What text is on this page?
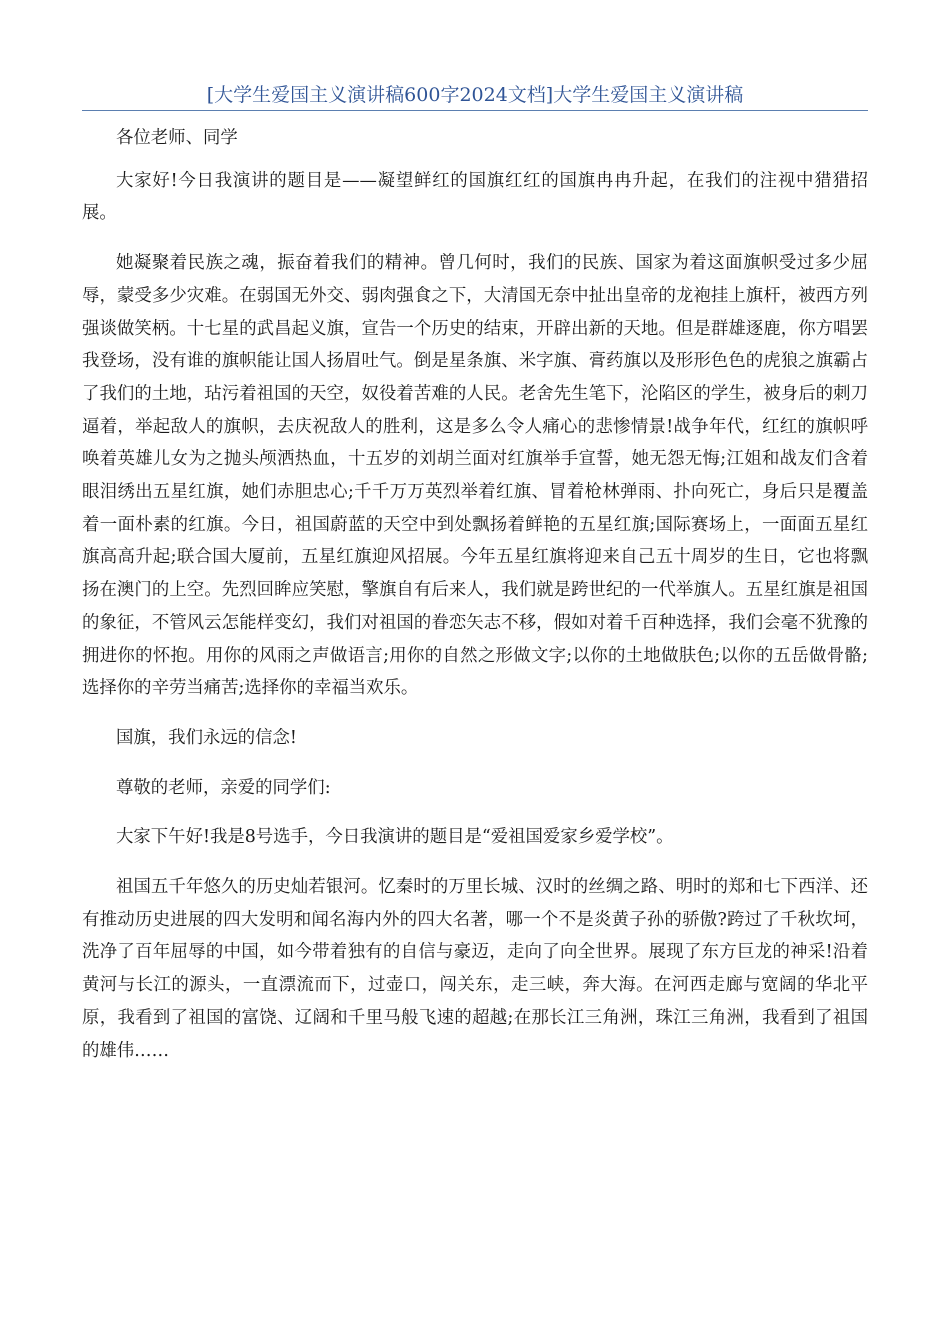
[大学生爱国主义演讲稿600字2024文档]大学生爱国主义演讲稿

各位老师、同学

大家好!今日我演讲的题目是——凝望鲜红的国旗红红的国旗冉冉升起，在我们的注视中猎猎招展。

她凝聚着民族之魂，振奋着我们的精神。曾几何时，我们的民族、国家为着这面旗帜受过多少屈辱，蒙受多少灾难。在弱国无外交、弱肉强食之下，大清国无奈中扯出皇帝的龙袍挂上旗杆，被西方列强谈做笑柄。十七星的武昌起义旗，宣告一个历史的结束，开辟出新的天地。但是群雄逐鹿，你方唱罢我登场，没有谁的旗帜能让国人扬眉吐气。倒是星条旗、米字旗、膏药旗以及形形色色的虎狼之旗霸占了我们的土地，玷污着祖国的天空，奴役着苦难的人民。老舍先生笔下，沦陷区的学生，被身后的刺刀逼着，举起敌人的旗帜，去庆祝敌人的胜利，这是多么令人痛心的悲惨情景!战争年代，红红的旗帜呼唤着英雄儿女为之抛头颅洒热血，十五岁的刘胡兰面对红旗举手宣誓，她无怨无悔;江姐和战友们含着眼泪绣出五星红旗，她们赤胆忠心;千千万万英烈举着红旗、冒着枪林弹雨、扑向死亡，身后只是覆盖着一面朴素的红旗。今日，祖国蔚蓝的天空中到处飘扬着鲜艳的五星红旗;国际赛场上，一面面五星红旗高高升起;联合国大厦前，五星红旗迎风招展。今年五星红旗将迎来自己五十周岁的生日，它也将飘扬在澳门的上空。先烈回眸应笑慰，擎旗自有后来人，我们就是跨世纪的一代举旗人。五星红旗是祖国的象征，不管风云怎能样变幻，我们对祖国的眷恋矢志不移，假如对着千百种选择，我们会毫不犹豫的拥进你的怀抱。用你的风雨之声做语言;用你的自然之形做文字;以你的土地做肤色;以你的五岳做骨骼;选择你的辛劳当痛苦;选择你的幸福当欢乐。

国旗，我们永远的信念!

尊敬的老师，亲爱的同学们:

大家下午好!我是8号选手，今日我演讲的题目是“爱祖国爱家乡爱学校”。

祖国五千年悠久的历史灿若银河。忆秦时的万里长城、汉时的丝绸之路、明时的郑和七下西洋、还有推动历史进展的四大发明和闻名海内外的四大名著，哪一个不是炎黄子孙的骄傲?跨过了千秋坎坷，洗净了百年屈辱的中国，如今带着独有的自信与豪迈，走向了向全世界。展现了东方巨龙的神采!沿着黄河与长江的源头，一直漂流而下，过壶口，闯关东，走三峡，奔大海。在河西走廊与宽阔的华北平原，我看到了祖国的富饶、辽阔和千里马般飞速的超越;在那长江三角洲，珠江三角洲，我看到了祖国的雄伟……
